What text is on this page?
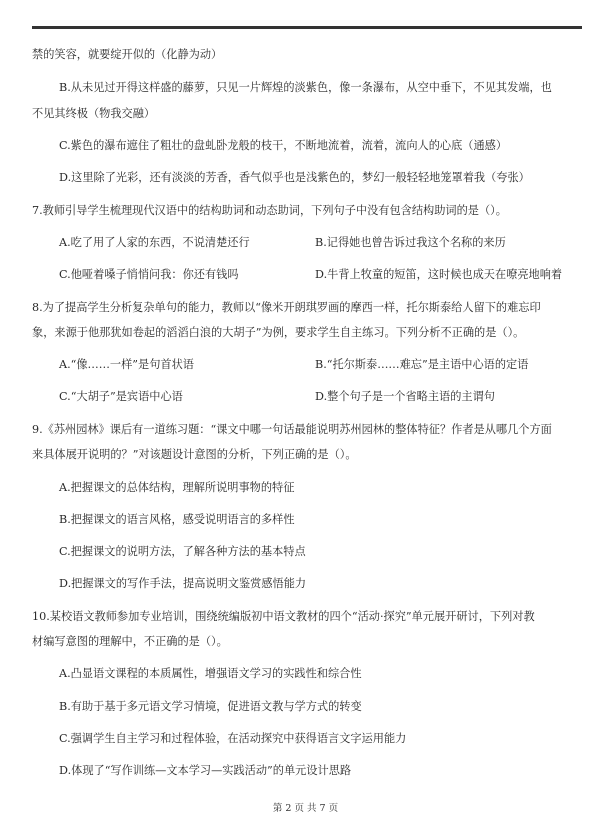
禁的笑容，就要绽开似的（化静为动）
B.从未见过开得这样盛的藤萝，只见一片辉煌的淡紫色，像一条瀑布，从空中垂下，不见其发端，也
不见其终极（物我交融）
C.紫色的瀑布遮住了粗壮的盘虬卧龙般的枝干，不断地流着，流着，流向人的心底（通感）
D.这里除了光彩，还有淡淡的芳香，香气似乎也是浅紫色的，梦幻一般轻轻地笼罩着我（夸张）
7.教师引导学生梳理现代汉语中的结构助词和动态助词，下列句子中没有包含结构助词的是（）。
A.吃了用了人家的东西，不说清楚还行	B.记得她也曾告诉过我这个名称的来历
C.他哑着嗓子悄悄问我：你还有钱吗	D.牛背上牧童的短笛，这时候也成天在嘹亮地响着
8.为了提高学生分析复杂单句的能力，教师以“像米开朗琪罗画的摩西一样，托尔斯泰给人留下的难忘印
象，来源于他那犹如卷起的滔滔白浪的大胡子”为例，要求学生自主练习。下列分析不正确的是（）。
A.“像……一样”是句首状语	B.“托尔斯泰……难忘”是主语中心语的定语
C.“大胡子”是宾语中心语	D.整个句子是一个省略主语的主谓句
9.《苏州园林》课后有一道练习题：“课文中哪一句话最能说明苏州园林的整体特征？作者是从哪几个方面
来具体展开说明的？”对该题设计意图的分析，下列正确的是（）。
A.把握课文的总体结构，理解所说明事物的特征
B.把握课文的语言风格，感受说明语言的多样性
C.把握课文的说明方法，了解各种方法的基本特点
D.把握课文的写作手法，提高说明文鉴赏感悟能力
10.某校语文教师参加专业培训，围绕统编版初中语文教材的四个“活动·探究”单元展开研讨，下列对教
材编写意图的理解中，不正确的是（）。
A.凸显语文课程的本质属性，增强语文学习的实践性和综合性
B.有助于基于多元语文学习情境，促进语文教与学方式的转变
C.强调学生自主学习和过程体验，在活动探究中获得语言文字运用能力
D.体现了“写作训练—文本学习—实践活动”的单元设计思路
第 2 页 共 7 页
